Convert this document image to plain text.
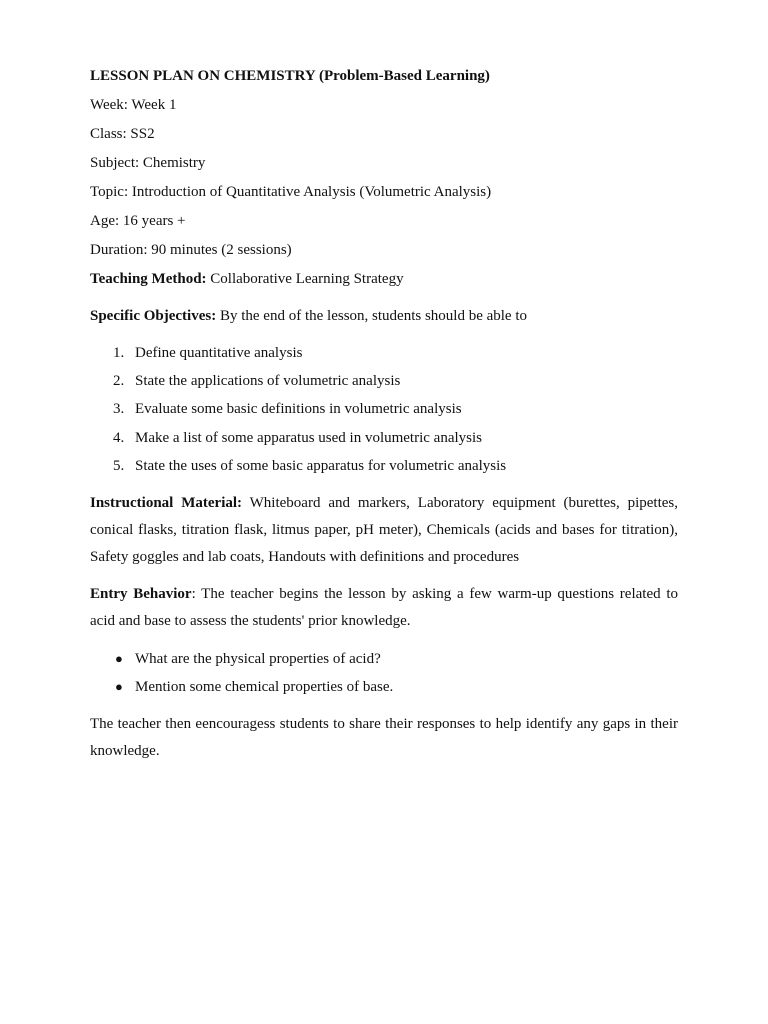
LESSON PLAN ON CHEMISTRY (Problem-Based Learning)

Week: Week 1

Class: SS2

Subject: Chemistry

Topic: Introduction of Quantitative Analysis (Volumetric Analysis)

Age: 16 years +

Duration: 90 minutes (2 sessions)

Teaching Method: Collaborative Learning Strategy

Specific Objectives: By the end of the lesson, students should be able to

1. Define quantitative analysis
2. State the applications of volumetric analysis
3. Evaluate some basic definitions in volumetric analysis
4. Make a list of some apparatus used in volumetric analysis
5. State the uses of some basic apparatus for volumetric analysis

Instructional Material: Whiteboard and markers, Laboratory equipment (burettes, pipettes, conical flasks, titration flask, litmus paper, pH meter), Chemicals (acids and bases for titration), Safety goggles and lab coats, Handouts with definitions and procedures

Entry Behavior: The teacher begins the lesson by asking a few warm-up questions related to acid and base to assess the students' prior knowledge.

● What are the physical properties of acid?
● Mention some chemical properties of base.

The teacher then eencouragess students to share their responses to help identify any gaps in their knowledge.
